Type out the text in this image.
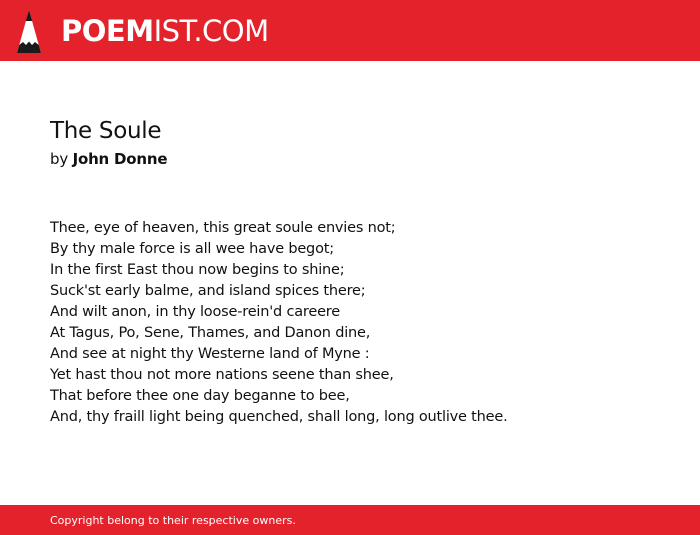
POEMIST.COM
The Soule
by John Donne
Thee, eye of heaven, this great soule envies not;
By thy male force is all wee have begot;
In the first East thou now begins to shine;
Suck'st early balme, and island spices there;
And wilt anon, in thy loose-rein'd careere
At Tagus, Po, Sene, Thames, and Danon dine,
And see at night thy Westerne land of Myne :
Yet hast thou not more nations seene than shee,
That before thee one day beganne to bee,
And, thy fraill light being quenched, shall long, long outlive thee.
Copyright belong to their respective owners.
